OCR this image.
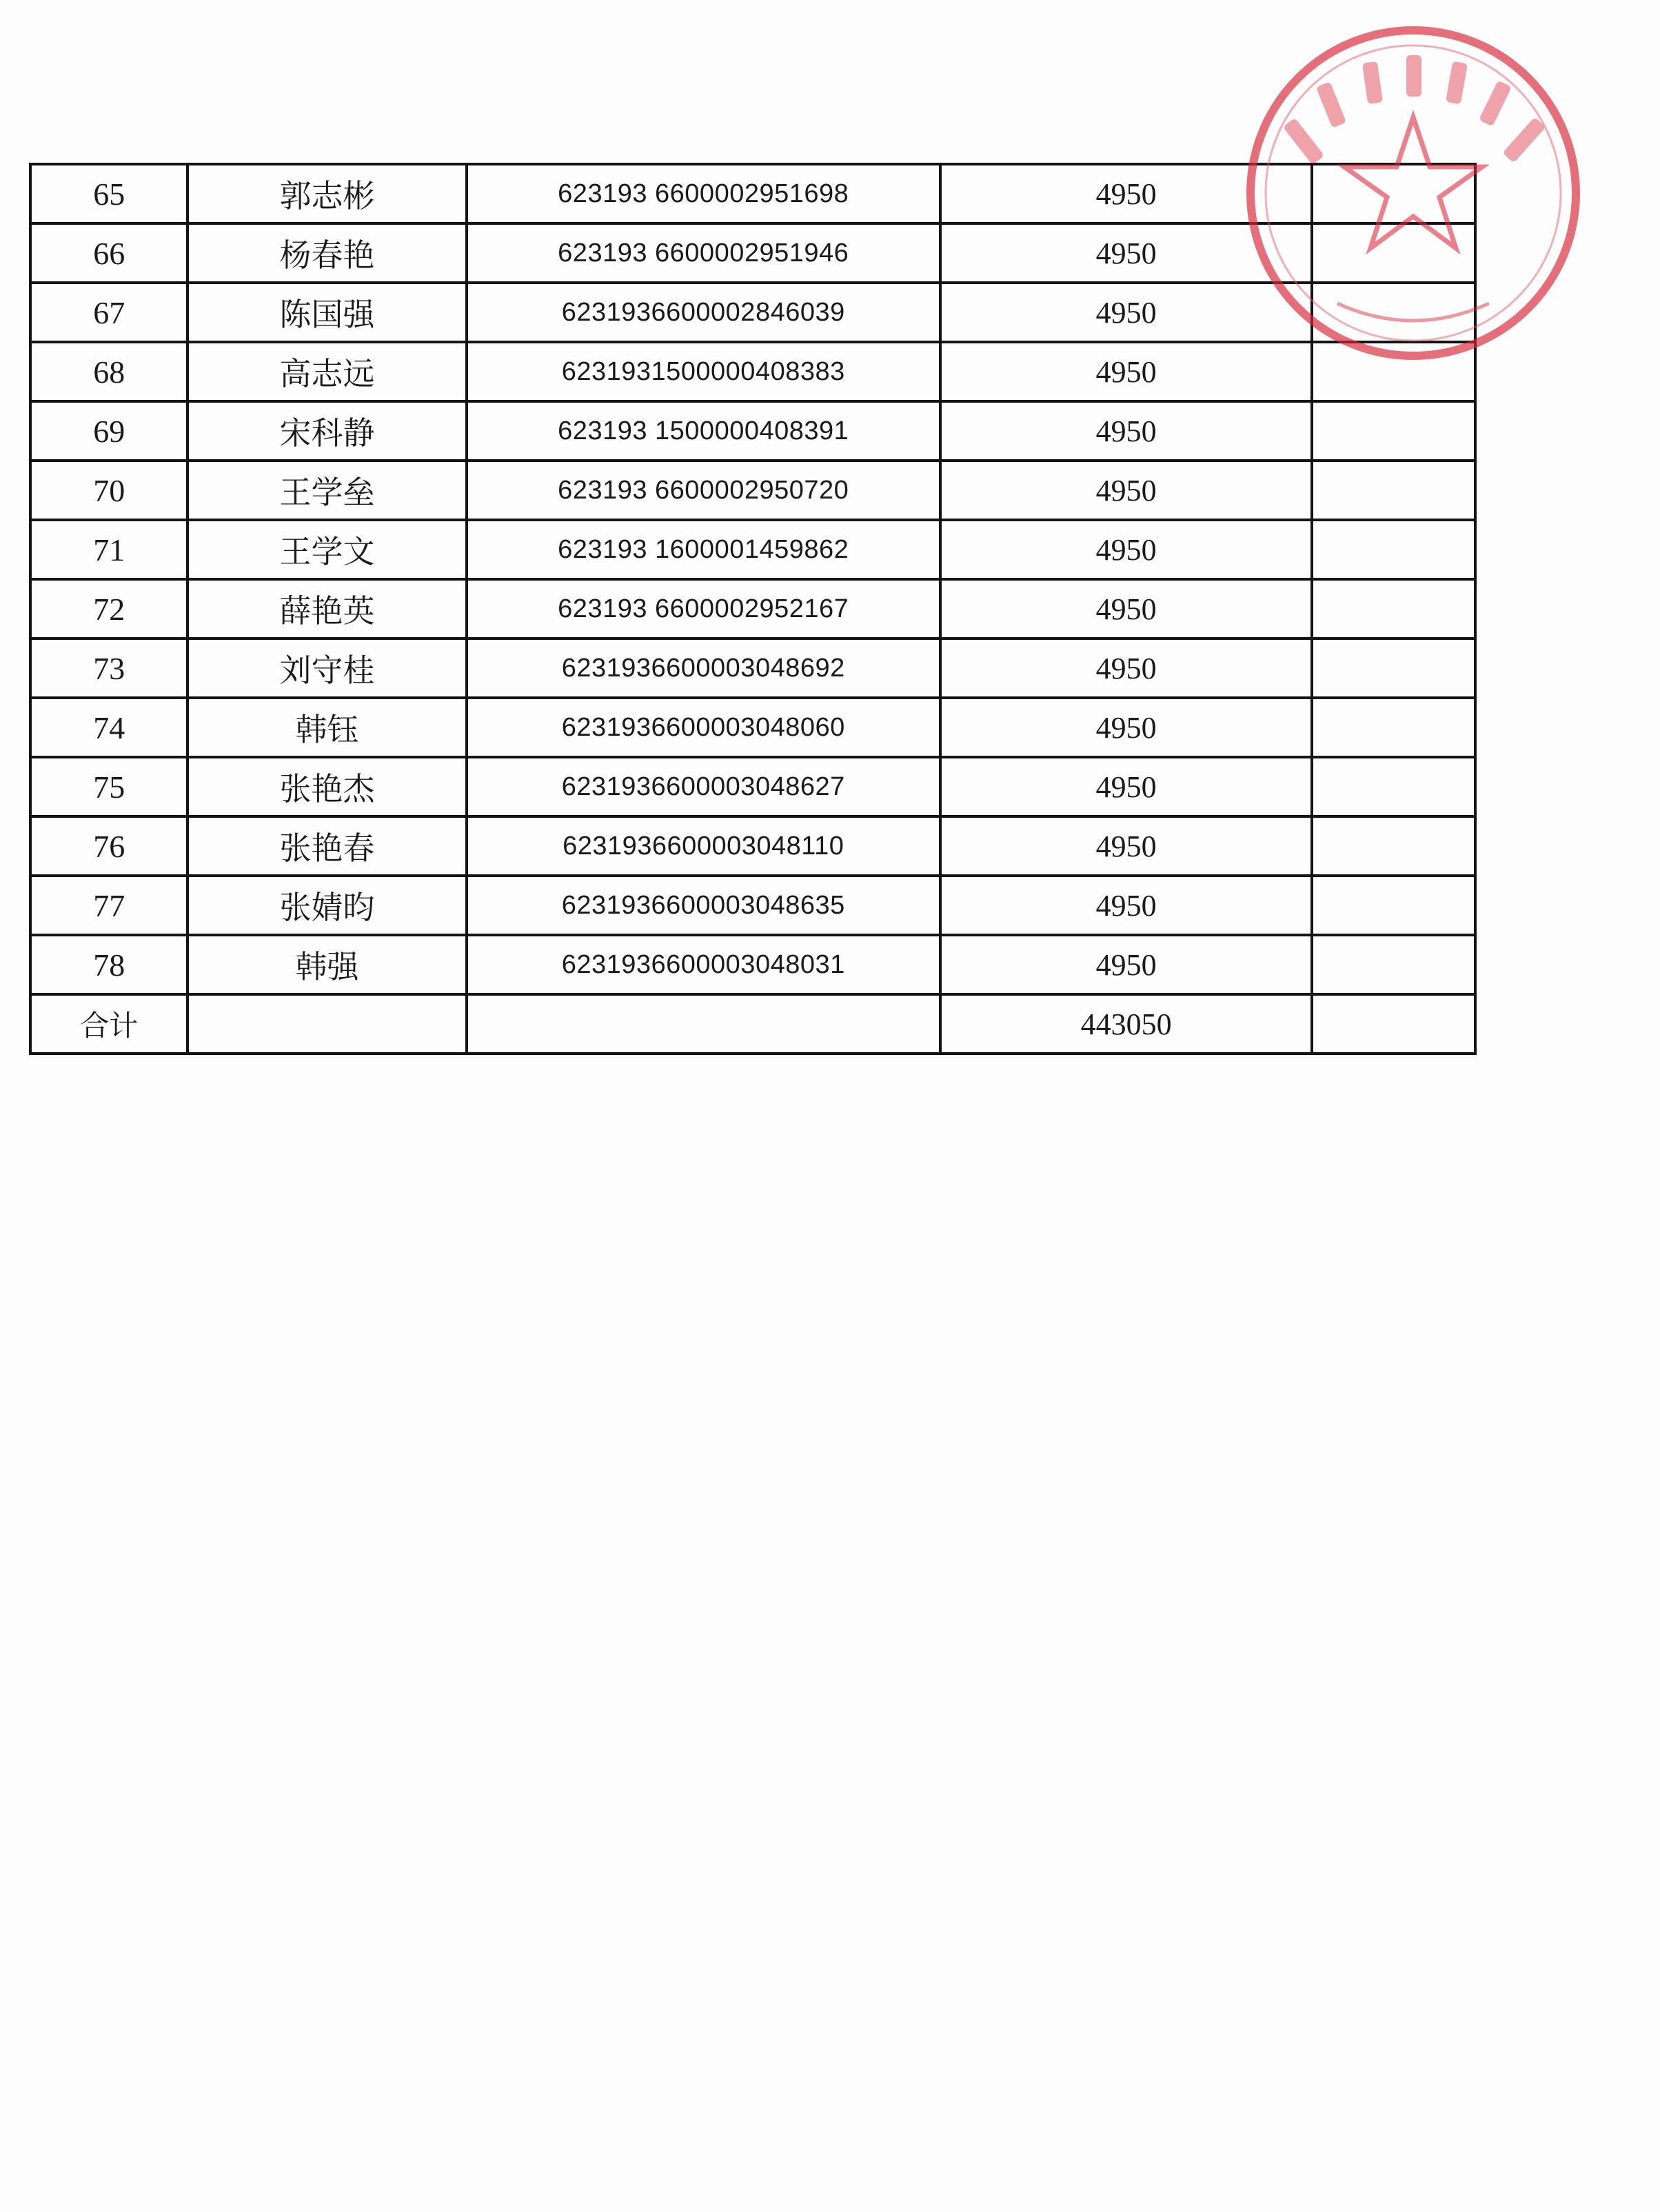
65	郭志彬	623193 6600002951698	4950	
66	杨春艳	623193 6600002951946	4950	
67	陈国强	6231936600002846039	4950	
68	高志远	6231931500000408383	4950	
69	宋科静	623193 1500000408391	4950	
70	王学垒	623193 6600002950720	4950	
71	王学文	623193 1600001459862	4950	
72	薛艳英	623193 6600002952167	4950	
73	刘守桂	6231936600003048692	4950	
74	韩钰	6231936600003048060	4950	
75	张艳杰	6231936600003048627	4950	
76	张艳春	6231936600003048110	4950	
77	张婧昀	6231936600003048635	4950	
78	韩强	6231936600003048031	4950	
合计			443050	
